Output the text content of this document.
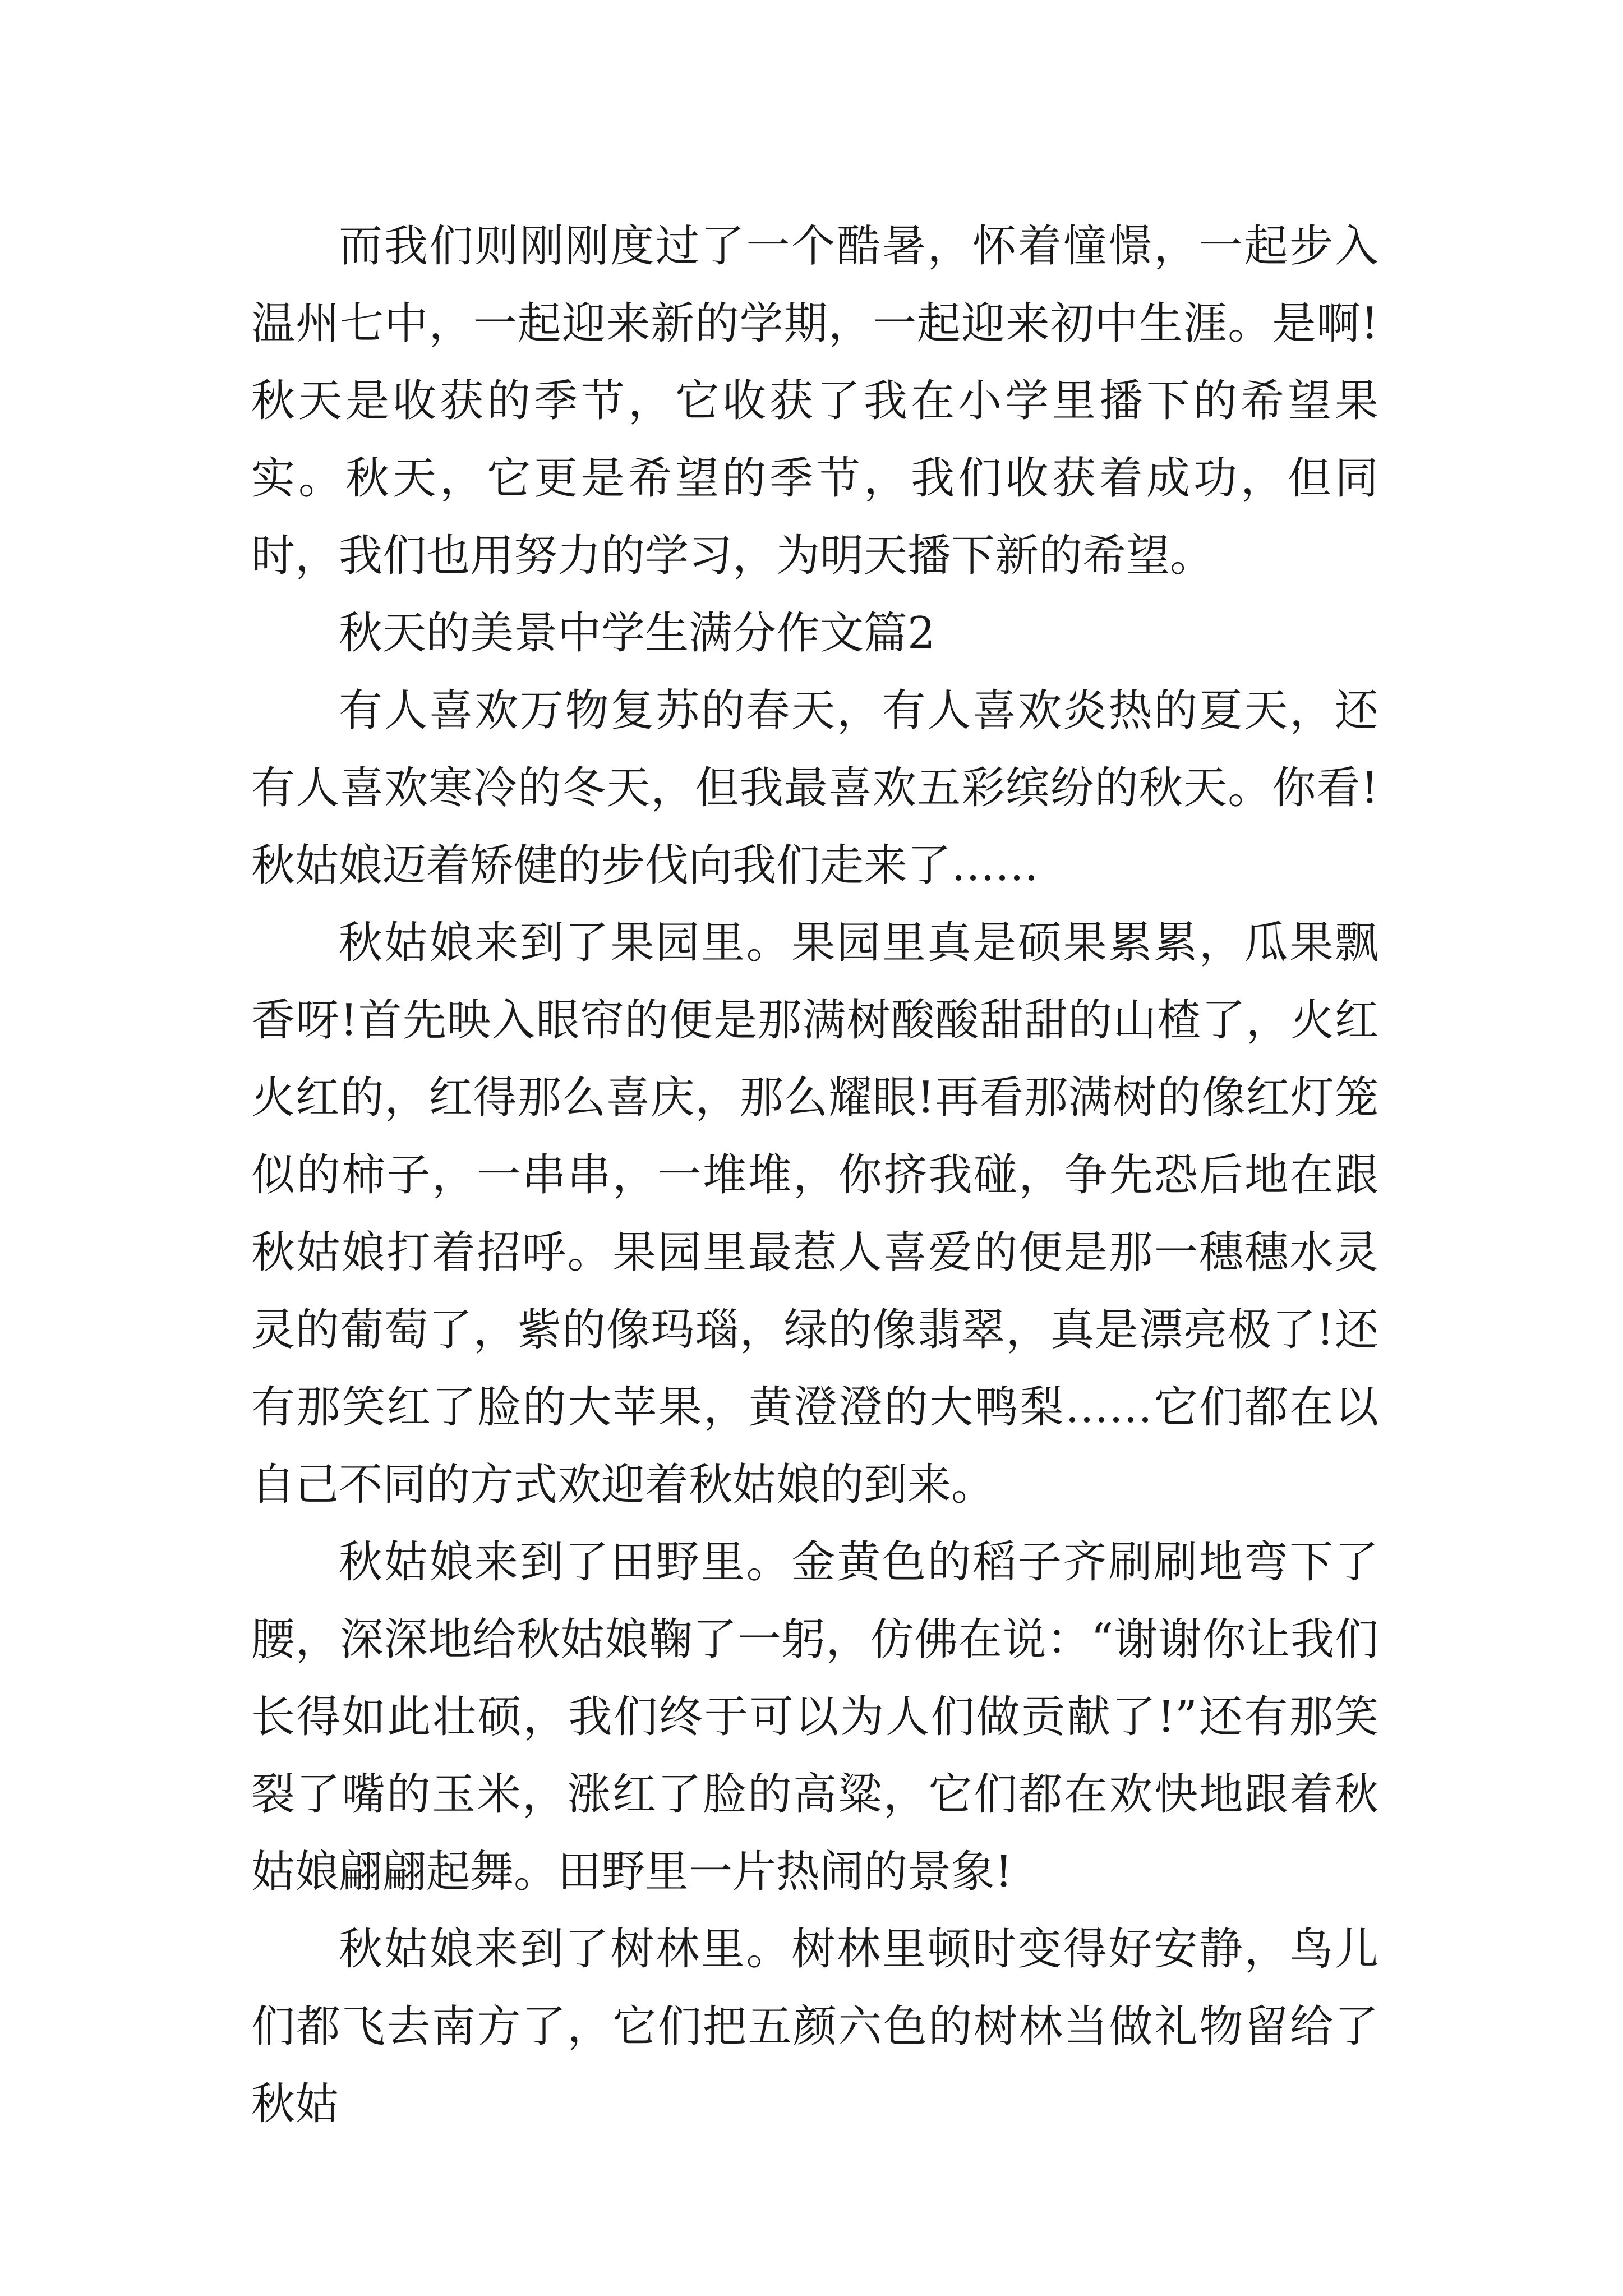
而我们则刚刚度过了一个酷暑，怀着憧憬，一起步入温州七中，一起迎来新的学期，一起迎来初中生涯。是啊!秋天是收获的季节，它收获了我在小学里播下的希望果实。秋天，它更是希望的季节，我们收获着成功，但同时，我们也用努力的学习，为明天播下新的希望。

秋天的美景中学生满分作文篇2

有人喜欢万物复苏的春天，有人喜欢炎热的夏天，还有人喜欢寒冷的冬天，但我最喜欢五彩缤纷的秋天。你看!秋姑娘迈着矫健的步伐向我们走来了……

秋姑娘来到了果园里。果园里真是硕果累累，瓜果飘香呀!首先映入眼帘的便是那满树酸酸甜甜的山楂了，火红火红的，红得那么喜庆，那么耀眼!再看那满树的像红灯笼似的柿子，一串串，一堆堆，你挤我碰，争先恐后地在跟秋姑娘打着招呼。果园里最惹人喜爱的便是那一穗穗水灵灵的葡萄了，紫的像玛瑙，绿的像翡翠，真是漂亮极了!还有那笑红了脸的大苹果，黄澄澄的大鸭梨……它们都在以自己不同的方式欢迎着秋姑娘的到来。

秋姑娘来到了田野里。金黄色的稻子齐刷刷地弯下了腰，深深地给秋姑娘鞠了一躬，仿佛在说：“谢谢你让我们长得如此壮硕，我们终于可以为人们做贡献了!”还有那笑裂了嘴的玉米，涨红了脸的高粱，它们都在欢快地跟着秋姑娘翩翩起舞。田野里一片热闹的景象!

秋姑娘来到了树林里。树林里顿时变得好安静，鸟儿们都飞去南方了，它们把五颜六色的树林当做礼物留给了秋姑
